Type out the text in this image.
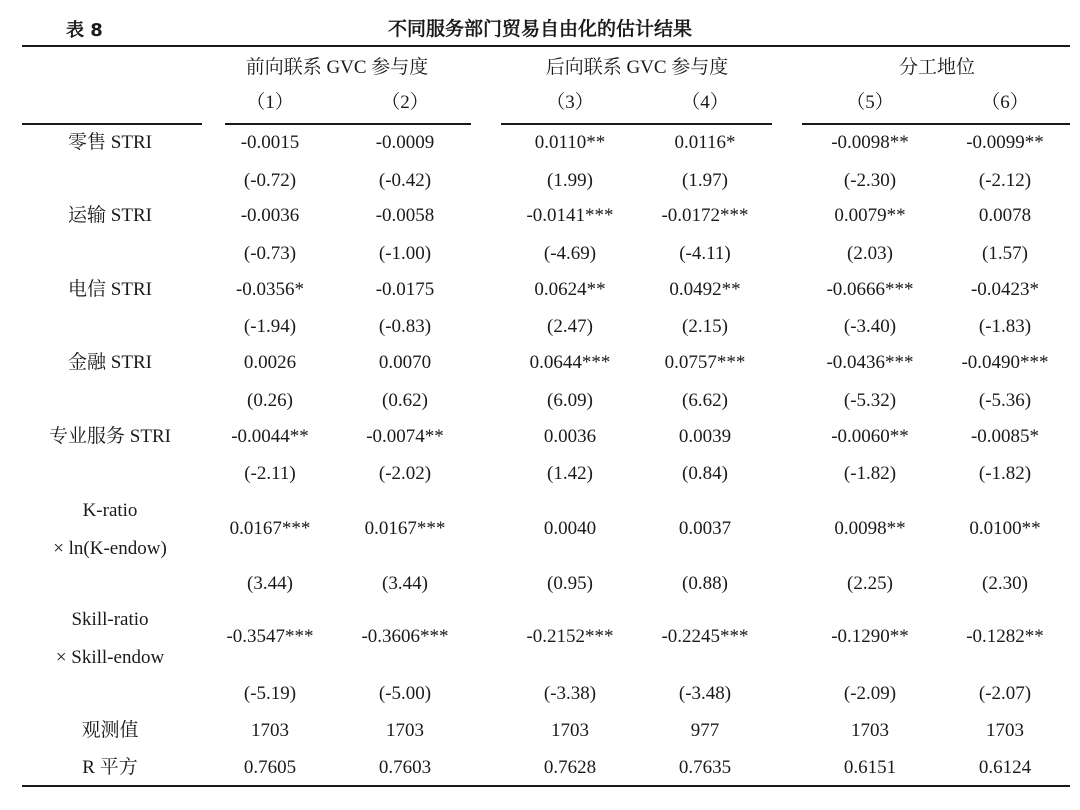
表 8	不同服务部门贸易自由化的估计结果
前向联系 GVC 参与度	后向联系 GVC 参与度	分工地位
（1）	（2）	（3）	（4）	（5）	（6）
零售 STRI	-0.0015	-0.0009	0.0110**	0.0116*	-0.0098**	-0.0099**
(-0.72)	(-0.42)	(1.99)	(1.97)	(-2.30)	(-2.12)
运输 STRI	-0.0036	-0.0058	-0.0141***	-0.0172***	0.0079**	0.0078
(-0.73)	(-1.00)	(-4.69)	(-4.11)	(2.03)	(1.57)
电信 STRI	-0.0356*	-0.0175	0.0624**	0.0492**	-0.0666***	-0.0423*
(-1.94)	(-0.83)	(2.47)	(2.15)	(-3.40)	(-1.83)
金融 STRI	0.0026	0.0070	0.0644***	0.0757***	-0.0436***	-0.0490***
(0.26)	(0.62)	(6.09)	(6.62)	(-5.32)	(-5.36)
专业服务 STRI	-0.0044**	-0.0074**	0.0036	0.0039	-0.0060**	-0.0085*
(-2.11)	(-2.02)	(1.42)	(0.84)	(-1.82)	(-1.82)
K-ratio
× ln(K-endow)
0.0167***	0.0167***	0.0040	0.0037	0.0098**	0.0100**
(3.44)	(3.44)	(0.95)	(0.88)	(2.25)	(2.30)
Skill-ratio
× Skill-endow
-0.3547***	-0.3606***	-0.2152***	-0.2245***	-0.1290**	-0.1282**
(-5.19)	(-5.00)	(-3.38)	(-3.48)	(-2.09)	(-2.07)
观测值	1703	1703	1703	977	1703	1703
R 平方	0.7605	0.7603	0.7628	0.7635	0.6151	0.6124
